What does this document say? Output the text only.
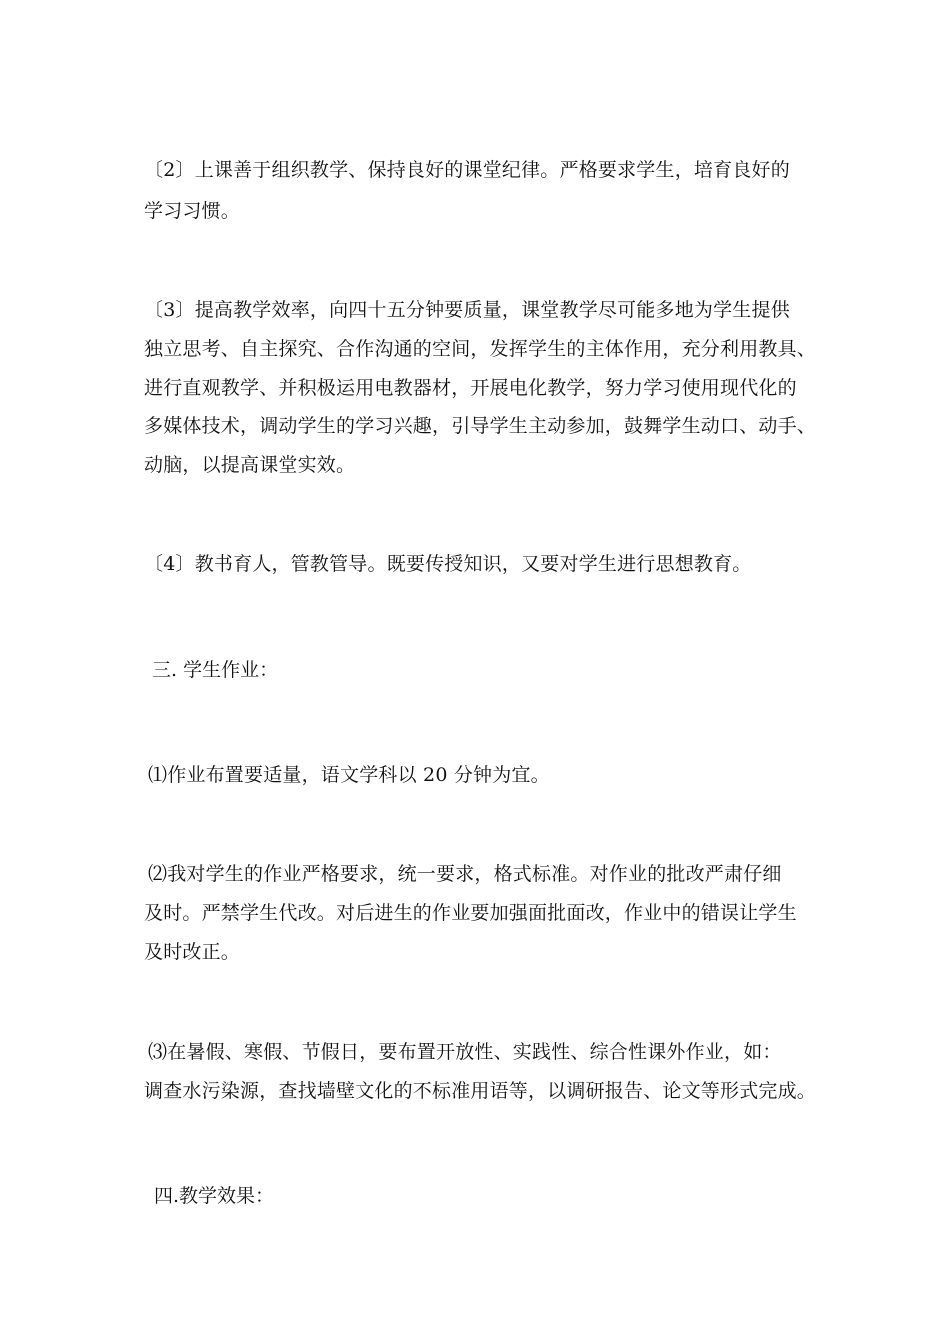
〔2〕上课善于组织教学、保持良好的课堂纪律。严格要求学生，培育良好的
学习习惯。
〔3〕提高教学效率，向四十五分钟要质量，课堂教学尽可能多地为学生提供
独立思考、自主探究、合作沟通的空间，发挥学生的主体作用，充分利用教具、
进行直观教学、并积极运用电教器材，开展电化教学，努力学习使用现代化的
多媒体技术，调动学生的学习兴趣，引导学生主动参加，鼓舞学生动口、动手、
动脑，以提高课堂实效。
〔4〕教书育人，管教管导。既要传授知识，又要对学生进行思想教育。
三. 学生作业：
⑴作业布置要适量，语文学科以 20 分钟为宜。
⑵我对学生的作业严格要求，统一要求，格式标准。对作业的批改严肃仔细
及时。严禁学生代改。对后进生的作业要加强面批面改，作业中的错误让学生
及时改正。
⑶在暑假、寒假、节假日，要布置开放性、实践性、综合性课外作业，如：
调查水污染源，查找墙壁文化的不标准用语等，以调研报告、论文等形式完成。
四.教学效果：
